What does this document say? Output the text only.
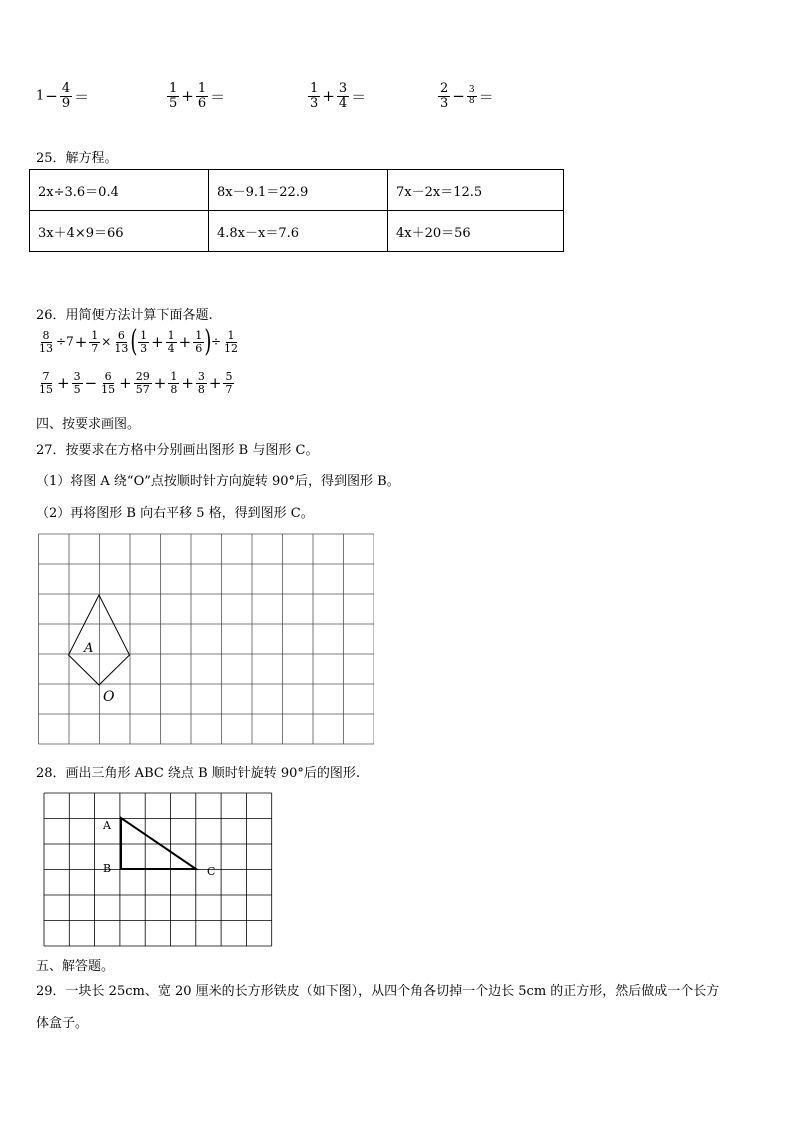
$1- \frac{4}{9}$ ＝	$\frac{1}{5} + \frac{1}{6}$ ＝	$\frac{1}{3} + \frac{3}{4}$ ＝	$\frac{2}{3} - \frac{3}{8}$ ＝
25．解方程。
2x÷3.6＝0.4	8x－9.1＝22.9	7x－2x＝12.5
3x＋4×9＝66	4.8x－x＝7.6	4x＋20＝56
26．用简便方法计算下面各题.
$\frac{8}{13} \div 7+ \frac{1}{7} \times \frac{6}{13}$ ( $\frac{1}{3} + \frac{1}{4} + \frac{1}{6}$ )÷ $\frac{1}{12}$
$\frac{7}{15} + \frac{3}{5} - \frac{6}{15} + \frac{29}{57} + \frac{1}{8} + \frac{3}{8} + \frac{5}{7}$
四、按要求画图。
27．按要求在方格中分别画出图形 B 与图形 C。
（1）将图 A 绕“O”点按顺时针方向旋转 90°后，得到图形 B。
（2）再将图形 B 向右平移 5 格，得到图形 C。
A
O
28．画出三角形 ABC 绕点 B 顺时针旋转 90°后的图形.
A
B	C
五、解答题。
29．一块长 25cm、宽 20 厘米的长方形铁皮（如下图），从四个角各切掉一个边长 5cm 的正方形，然后做成一个长方
体盒子。
